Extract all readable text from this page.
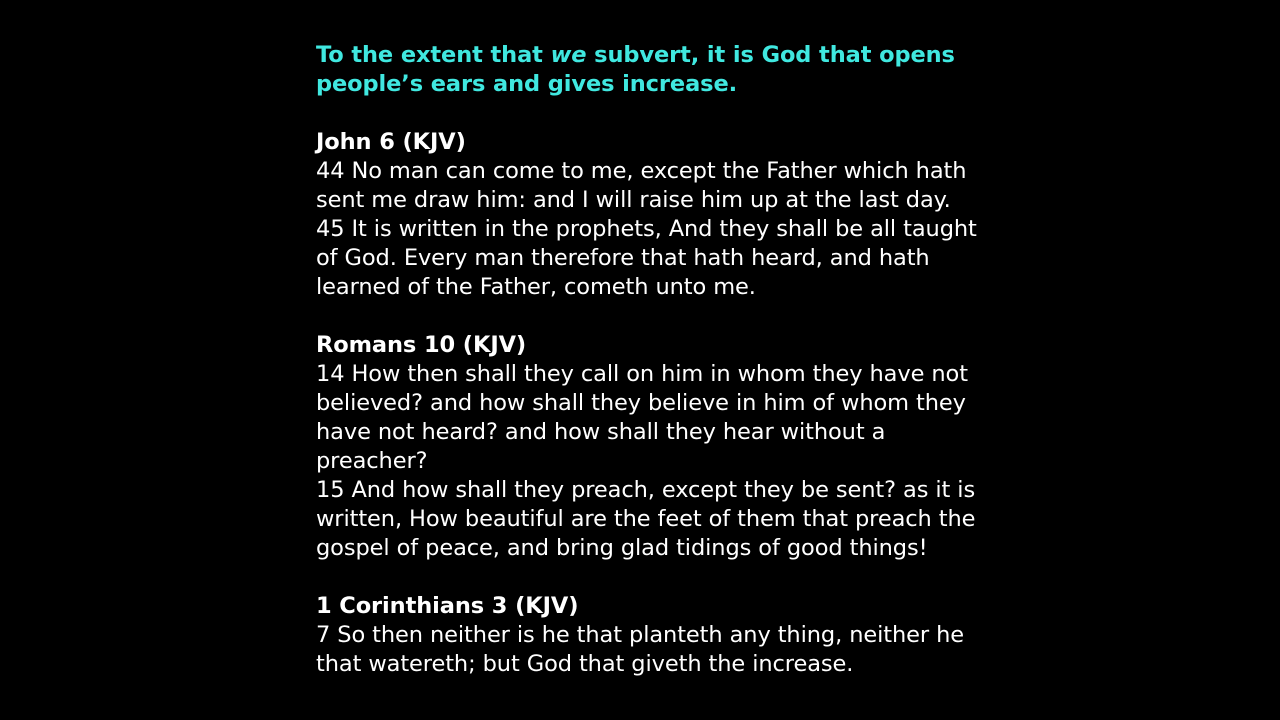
To the extent that we subvert, it is God that opens
people’s ears and gives increase.
John 6 (KJV)
44 No man can come to me, except the Father which hath
sent me draw him: and I will raise him up at the last day.
45 It is written in the prophets, And they shall be all taught
of God. Every man therefore that hath heard, and hath
learned of the Father, cometh unto me.
Romans 10 (KJV)
14 How then shall they call on him in whom they have not
believed? and how shall they believe in him of whom they
have not heard? and how shall they hear without a
preacher?
15 And how shall they preach, except they be sent? as it is
written, How beautiful are the feet of them that preach the
gospel of peace, and bring glad tidings of good things!
1 Corinthians 3 (KJV)
7 So then neither is he that planteth any thing, neither he
that watereth; but God that giveth the increase.
